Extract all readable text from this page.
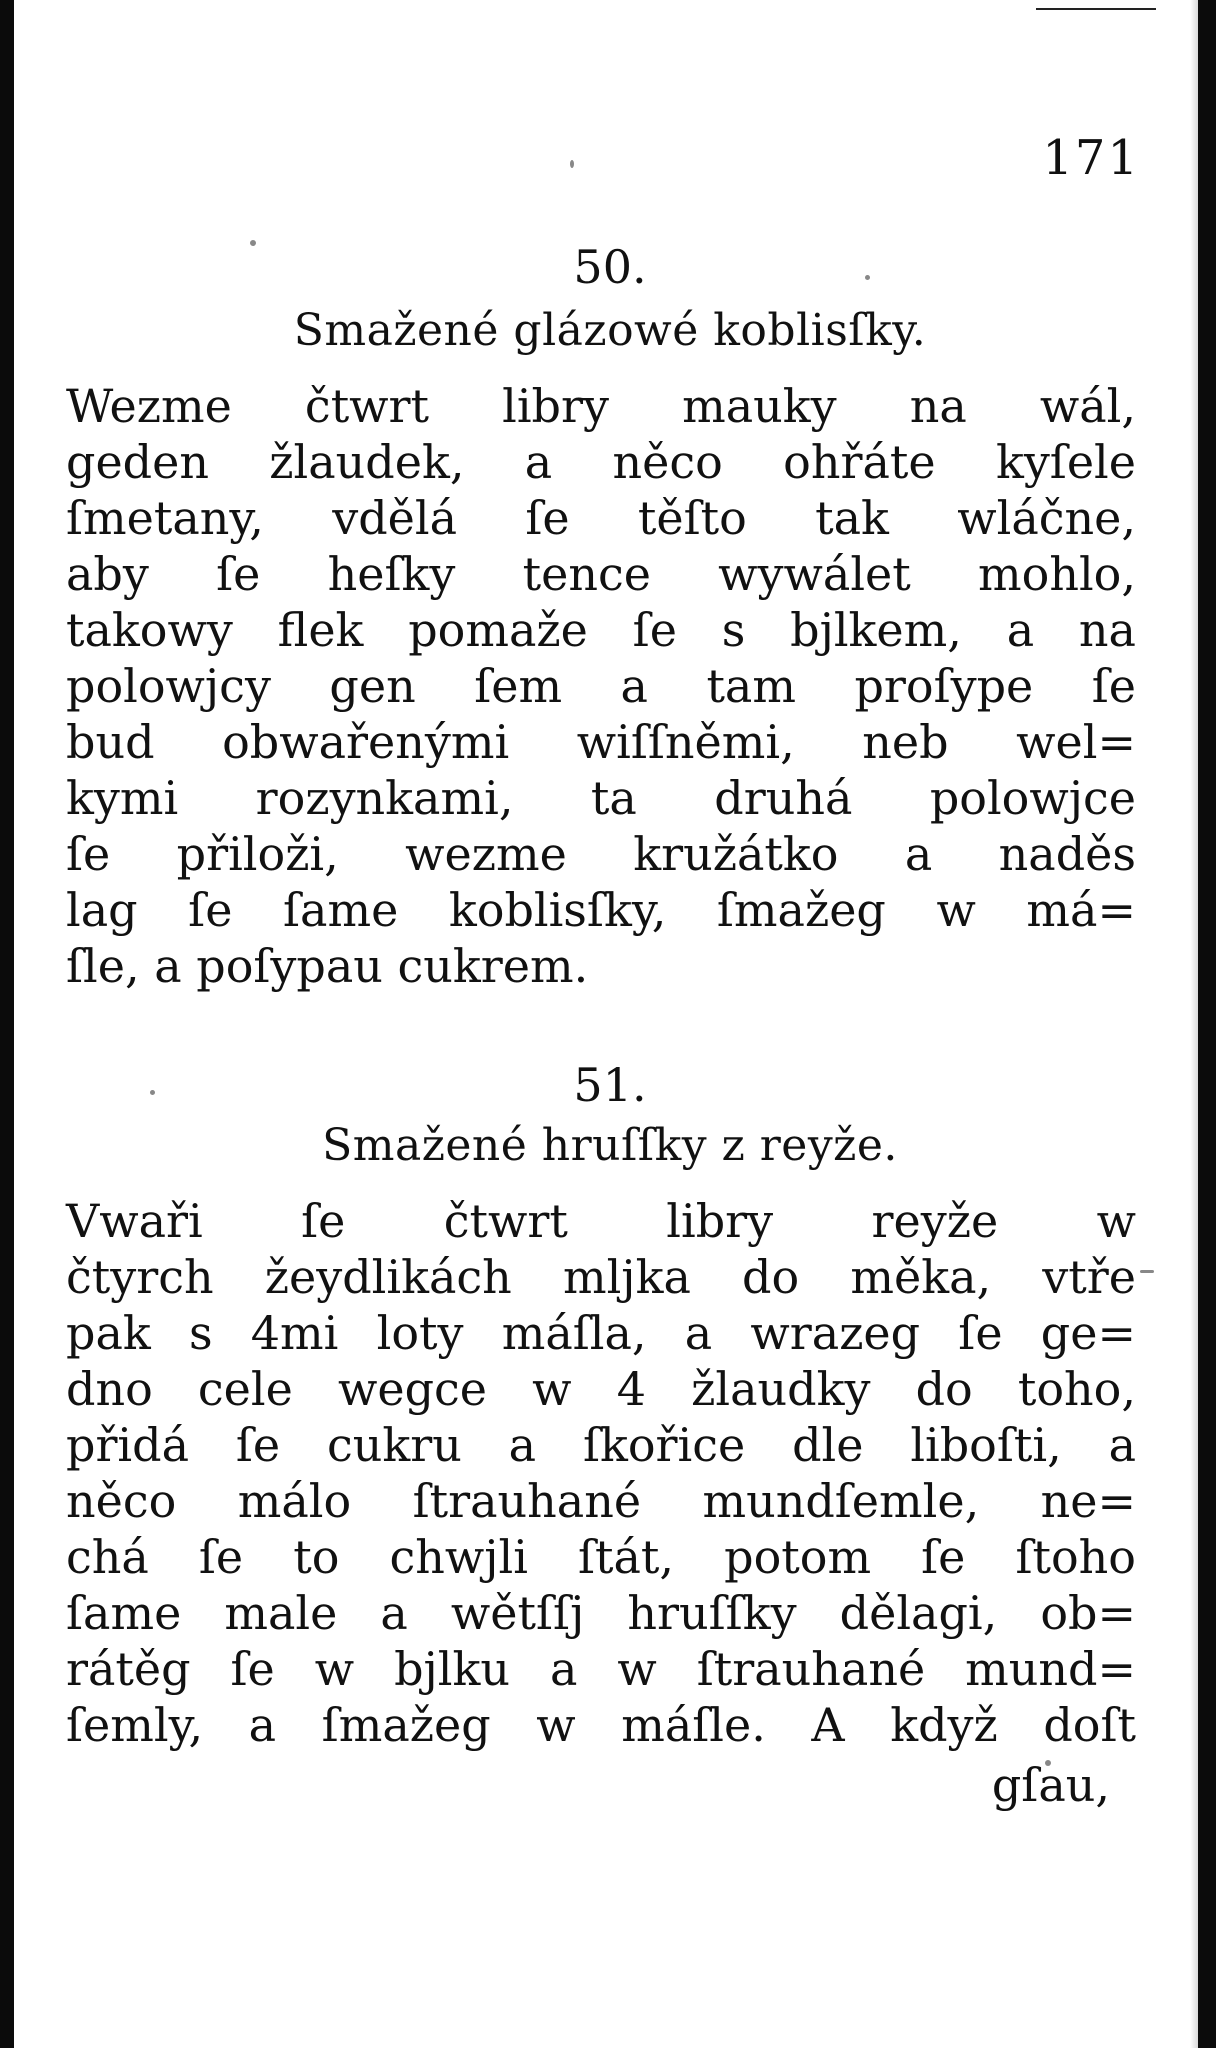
171
50.
Smažené glázowé koblisſky.
Wezme čtwrt libry mauky na wál,
geden žlaudek, a něco ohřáte kyſele
ſmetany, vdělá ſe těſto tak wláčne,
aby ſe heſky tence wywálet mohlo,
takowy flek pomaže ſe s bjlkem, a na
polowjcy gen ſem a tam proſype ſe
bud obwařenými wiſſněmi, neb wel=
kymi rozynkami, ta druhá polowjce
ſe přiloži, wezme kružátko a naděs
lag ſe ſame koblisſky, ſmažeg w má=
ſle, a poſypau cukrem.
51.
Smažené hruſſky z reyže.
Vwaři ſe čtwrt libry reyže w
čtyrch žeydlikách mljka do měka, vtře
pak s 4mi loty máſla, a wrazeg ſe ge=
dno cele wegce w 4 žlaudky do toho,
přidá ſe cukru a ſkořice dle liboſti, a
něco málo ſtrauhané mundſemle, ne=
chá ſe to chwjli ſtát, potom ſe ſtoho
ſame male a wětſſj hruſſky dělagi, ob=
rátěg ſe w bjlku a w ſtrauhané mund=
ſemly, a ſmažeg w máſle. A když doſt
gſau,
